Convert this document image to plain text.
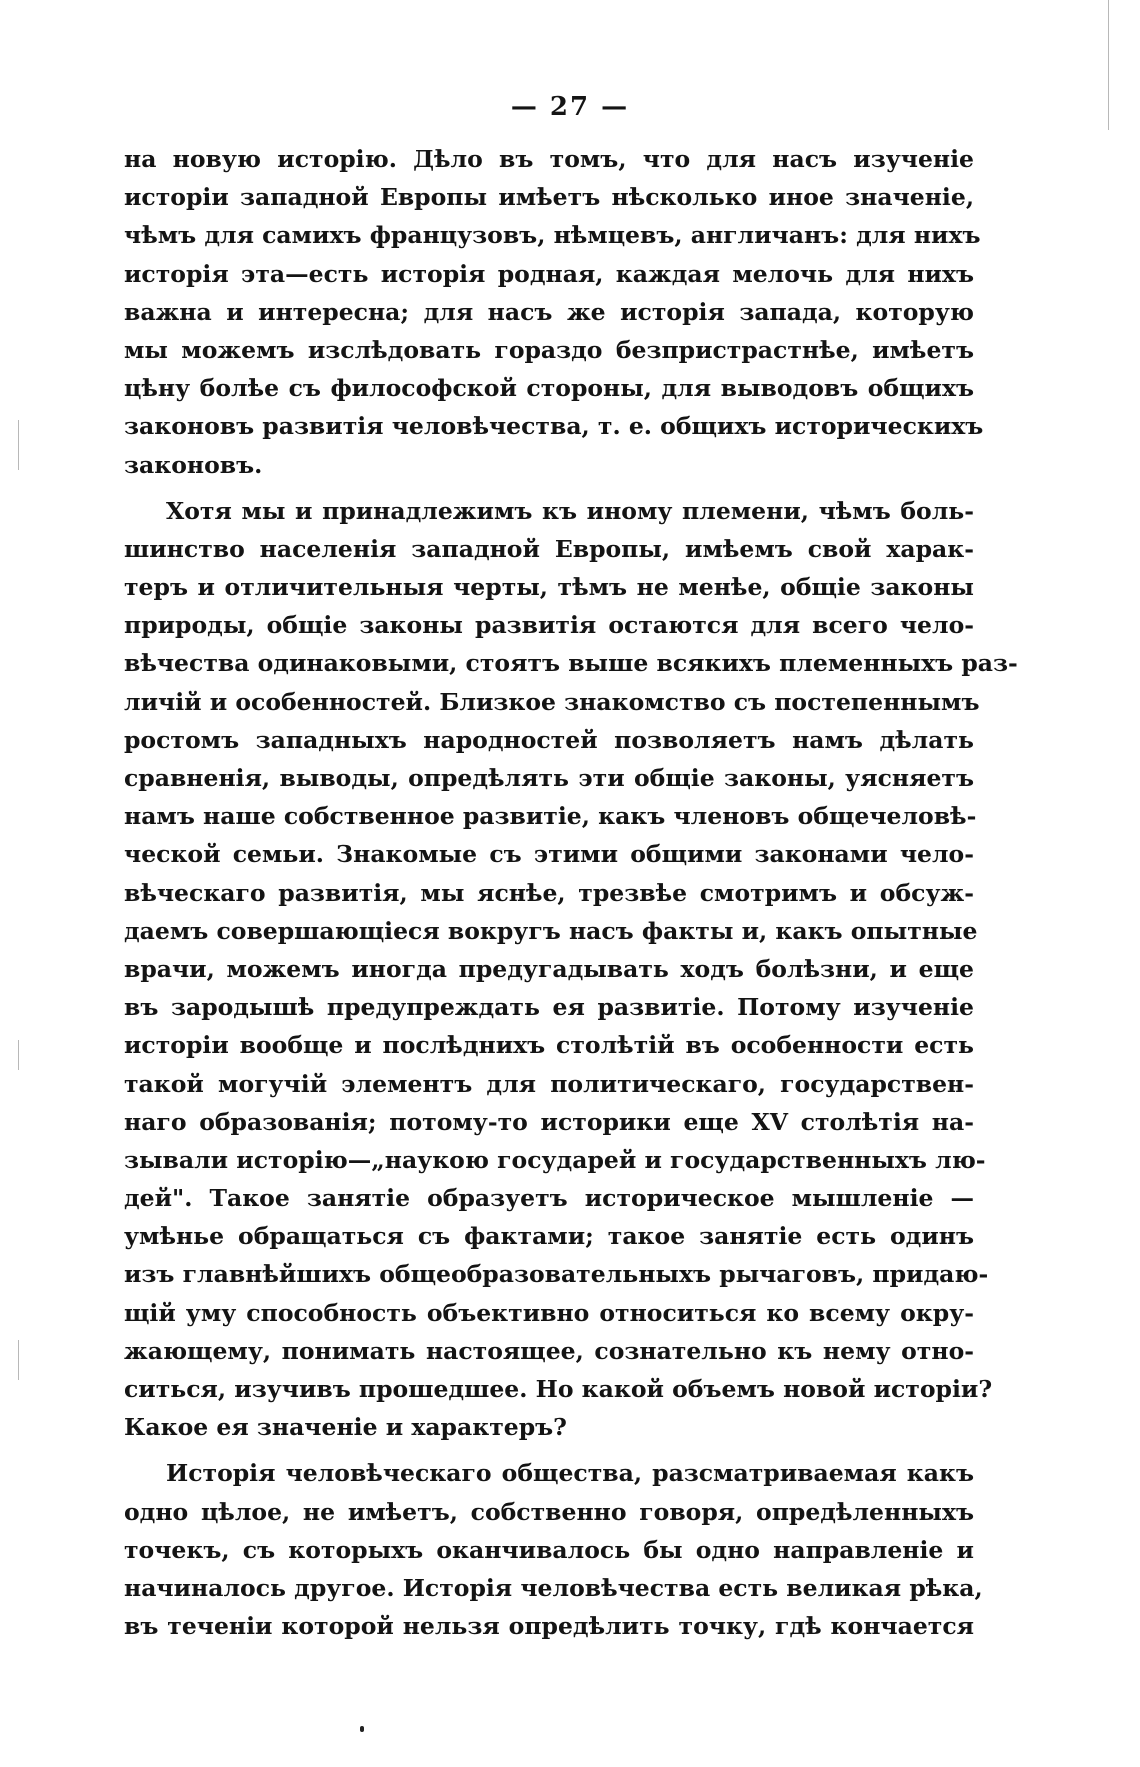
— 27 —
на новую исторію. Дѣло въ томъ, что для насъ изученіе
исторіи западной Европы имѣетъ нѣсколько иное значеніе,
чѣмъ для самихъ французовъ, нѣмцевъ, англичанъ: для нихъ
исторія эта—есть исторія родная, каждая мелочь для нихъ
важна и интересна; для насъ же исторія запада, которую
мы можемъ изслѣдовать гораздо безпристрастнѣе, имѣетъ
цѣну болѣе съ философской стороны, для выводовъ общихъ
законовъ развитія человѣчества, т. е. общихъ историческихъ
законовъ.
Хотя мы и принадлежимъ къ иному племени, чѣмъ боль-
шинство населенія западной Европы, имѣемъ свой харак-
теръ и отличительныя черты, тѣмъ не менѣе, общіе законы
природы, общіе законы развитія остаются для всего чело-
вѣчества одинаковыми, стоятъ выше всякихъ племенныхъ раз-
личій и особенностей. Близкое знакомство съ постепеннымъ
ростомъ западныхъ народностей позволяетъ намъ дѣлать
сравненія, выводы, опредѣлять эти общіе законы, уясняетъ
намъ наше собственное развитіе, какъ членовъ общечеловѣ-
ческой семьи. Знакомые съ этими общими законами чело-
вѣческаго развитія, мы яснѣе, трезвѣе смотримъ и обсуж-
даемъ совершающіеся вокругъ насъ факты и, какъ опытные
врачи, можемъ иногда предугадывать ходъ болѣзни, и еще
въ зародышѣ предупреждать ея развитіе. Потому изученіе
исторіи вообще и послѣднихъ столѣтій въ особенности есть
такой могучій элементъ для политическаго, государствен-
наго образованія; потому-то историки еще XV столѣтія на-
зывали исторію—„наукою государей и государственныхъ лю-
дей". Такое занятіе образуетъ историческое мышленіе —
умѣнье обращаться съ фактами; такое занятіе есть одинъ
изъ главнѣйшихъ общеобразовательныхъ рычаговъ, придаю-
щій уму способность объективно относиться ко всему окру-
жающему, понимать настоящее, сознательно къ нему отно-
ситься, изучивъ прошедшее. Но какой объемъ новой исторіи?
Какое ея значеніе и характеръ?
Исторія человѣческаго общества, разсматриваемая какъ
одно цѣлое, не имѣетъ, собственно говоря, опредѣленныхъ
точекъ, съ которыхъ оканчивалось бы одно направленіе и
начиналось другое. Исторія человѣчества есть великая рѣка,
въ теченіи которой нельзя опредѣлить точку, гдѣ кончается
